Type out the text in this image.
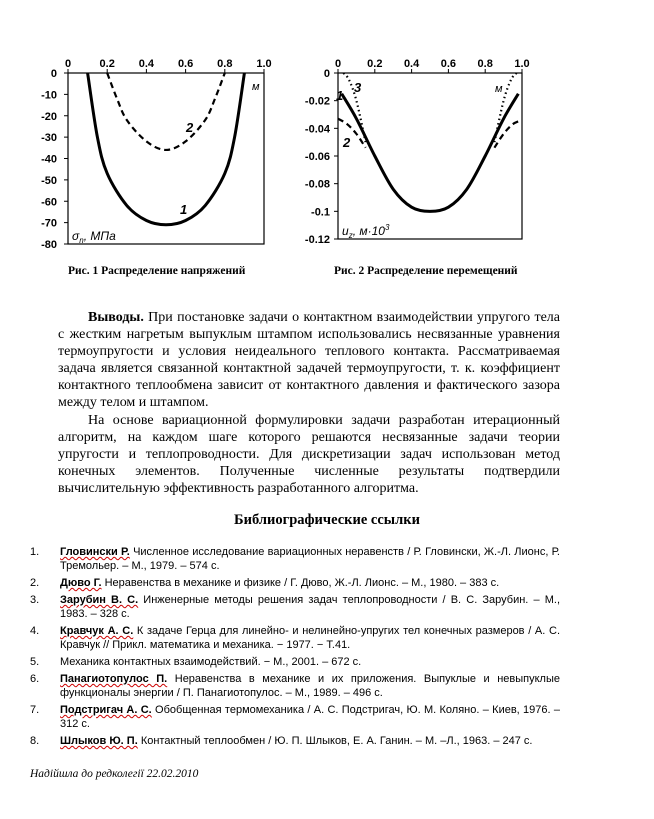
0	0.2 0.4 0.6 0.8 1.0
0
-10
-20
-30
-40
-50
-60
-70
-80
1
2
м
$\sigma_n$, МПа
Рис. 1 Распределение напряжений
0 0.2 0.4 0.6 0.8 1.0
0
-0.02
-0.04
-0.06
-0.08
-0.1
-0.12
1
2
3	м
$u_z$, $м\cdot 10^3$
Рис. 2 Распределение перемещений

Выводы. При постановке задачи о контактном взаимодействии упругого тела с жестким нагретым выпуклым штампом использовались несвязанные уравнения термоупругости и условия неидеального теплового контакта. Рассматриваемая задача является связанной контактной задачей термоупругости, т. к. коэффициент контактного теплообмена зависит от контактного давления и фактического зазора между телом и штампом.

На основе вариационной формулировки задачи разработан итерационный алгоритм, на каждом шаге которого решаются несвязанные задачи теории упругости и теплопроводности. Для дискретизации задач использован метод конечных элементов. Полученные численные результаты подтвердили вычислительную эффективность разработанного алгоритма.

Библиографические ссылки
1. Гловински Р. Численное исследование вариационных неравенств / Р. Гловински, Ж.-Л. Лионс, Р. Тремольер. – М., 1979. – 574 с.
2. Дюво Г. Неравенства в механике и физике / Г. Дюво, Ж.-Л. Лионс. – М., 1980. – 383 с.
3. Зарубин В. С. Инженерные методы решения задач теплопроводности / В. С. Зарубин. – М., 1983. – 328 с.
4. Кравчук А. С. К задаче Герца для линейно- и нелинейно-упругих тел конечных размеров / А. С. Кравчук // Прикл. математика и механика. − 1977. − Т.41.
5. Механика контактных взаимодействий. − М., 2001. – 672 с.
6. Панагиотопулос П. Неравенства в механике и их приложения. Выпуклые и невыпуклые функционалы энергии / П. Панагиотопулос. – М., 1989. – 496 с.
7. Подстригач А. С. Обобщенная термомеханика / А. С. Подстригач, Ю. М. Коляно. – Киев, 1976. – 312 с.
8. Шлыков Ю. П. Контактный теплообмен / Ю. П. Шлыков, Е. А. Ганин. – М. –Л., 1963. – 247 с.
Надійшла до редколегії 22.02.2010
